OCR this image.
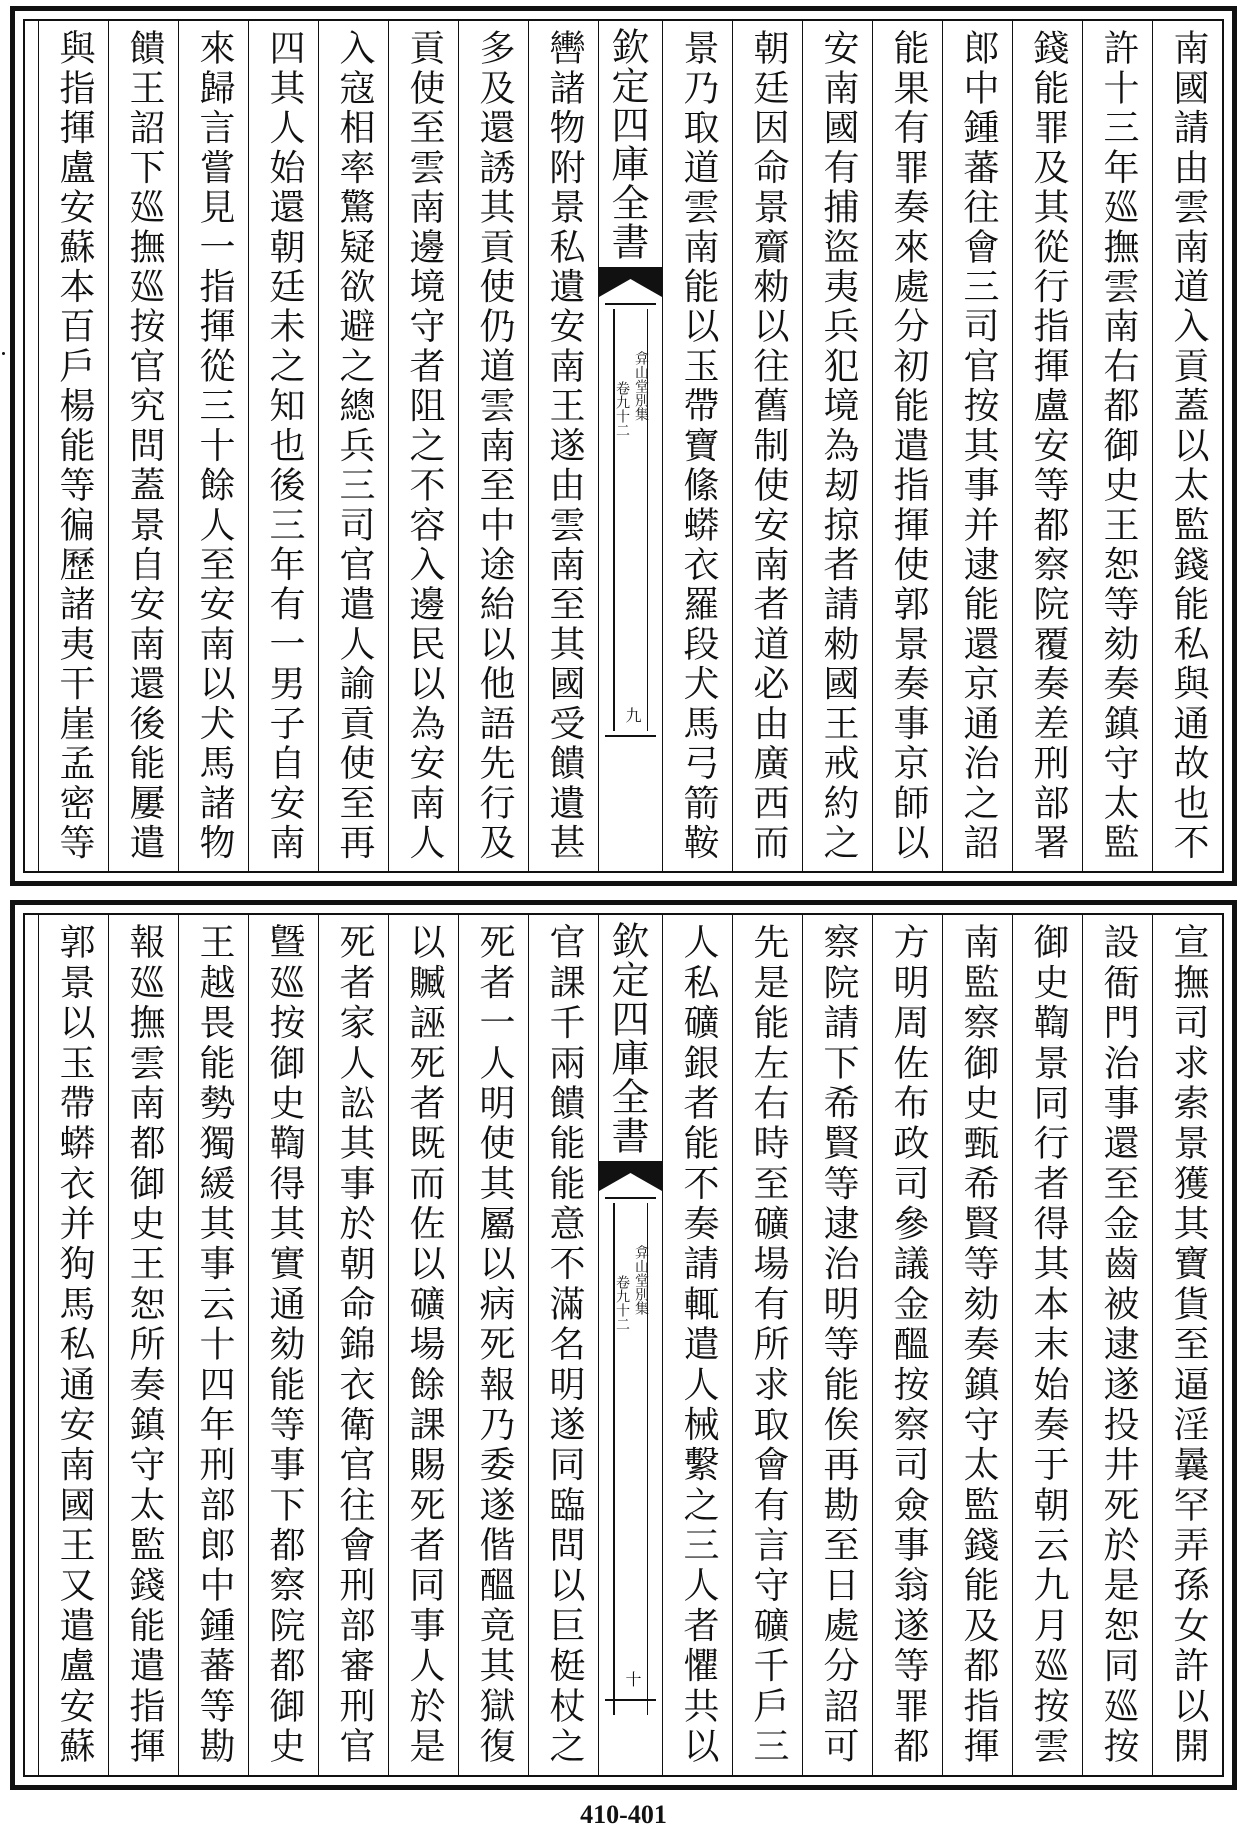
南國請由雲南道入貢蓋以太監錢能私與通故也不
許十三年廵撫雲南右都御史王恕等劾奏鎮守太監
錢能罪及其從行指揮盧安等都察院覆奏差刑部署
郎中鍾蕃往會三司官按其事并逮能還京通治之詔
能果有罪奏來處分初能遣指揮使郭景奏事京師以
安南國有捕盜夷兵犯境為刼掠者請勑國王戒約之
朝廷因命景齎勑以往舊制使安南者道必由廣西而
景乃取道雲南能以玉帶寶絛蟒衣羅段犬馬弓箭鞍
欽定四庫全書
弇山堂別集
卷九十二
九
轡諸物附景私遺安南王遂由雲南至其國受饋遺甚
多及還誘其貢使仍道雲南至中途紿以他語先行及
貢使至雲南邊境守者阻之不容入邊民以為安南人
入寇相率驚疑欲避之總兵三司官遣人諭貢使至再
四其人始還朝廷未之知也後三年有一男子自安南
來歸言嘗見一指揮從三十餘人至安南以犬馬諸物
饋王詔下廵撫廵按官究問蓋景自安南還後能屢遣
與指揮盧安蘇本百戶楊能等徧歷諸夷干崖孟密等
宣撫司求索景獲其寶貨至逼淫曩罕弄孫女許以開
設衙門治事還至金齒被逮遂投井死於是恕同廵按
御史鞫景同行者得其本末始奏于朝云九月廵按雲
南監察御史甄希賢等劾奏鎮守太監錢能及都指揮
方明周佐布政司參議金醞按察司僉事翁遂等罪都
察院請下希賢等逮治明等能俟再勘至日處分詔可
先是能左右時至礦場有所求取會有言守礦千戶三
人私礦銀者能不奏請輒遣人械繫之三人者懼共以
欽定四庫全書
弇山堂別集
卷九十二
十
官課千兩饋能能意不滿名明遂同臨問以巨梃杖之
死者一人明使其屬以病死報乃委遂偕醞竟其獄復
以贓誣死者既而佐以礦場餘課賜死者同事人於是
死者家人訟其事於朝命錦衣衛官往會刑部審刑官
曁廵按御史鞫得其實通劾能等事下都察院都御史
王越畏能勢獨緩其事云十四年刑部郎中鍾蕃等勘
報廵撫雲南都御史王恕所奏鎮守太監錢能遣指揮
郭景以玉帶蟒衣并狗馬私通安南國王又遣盧安蘇
410-401
